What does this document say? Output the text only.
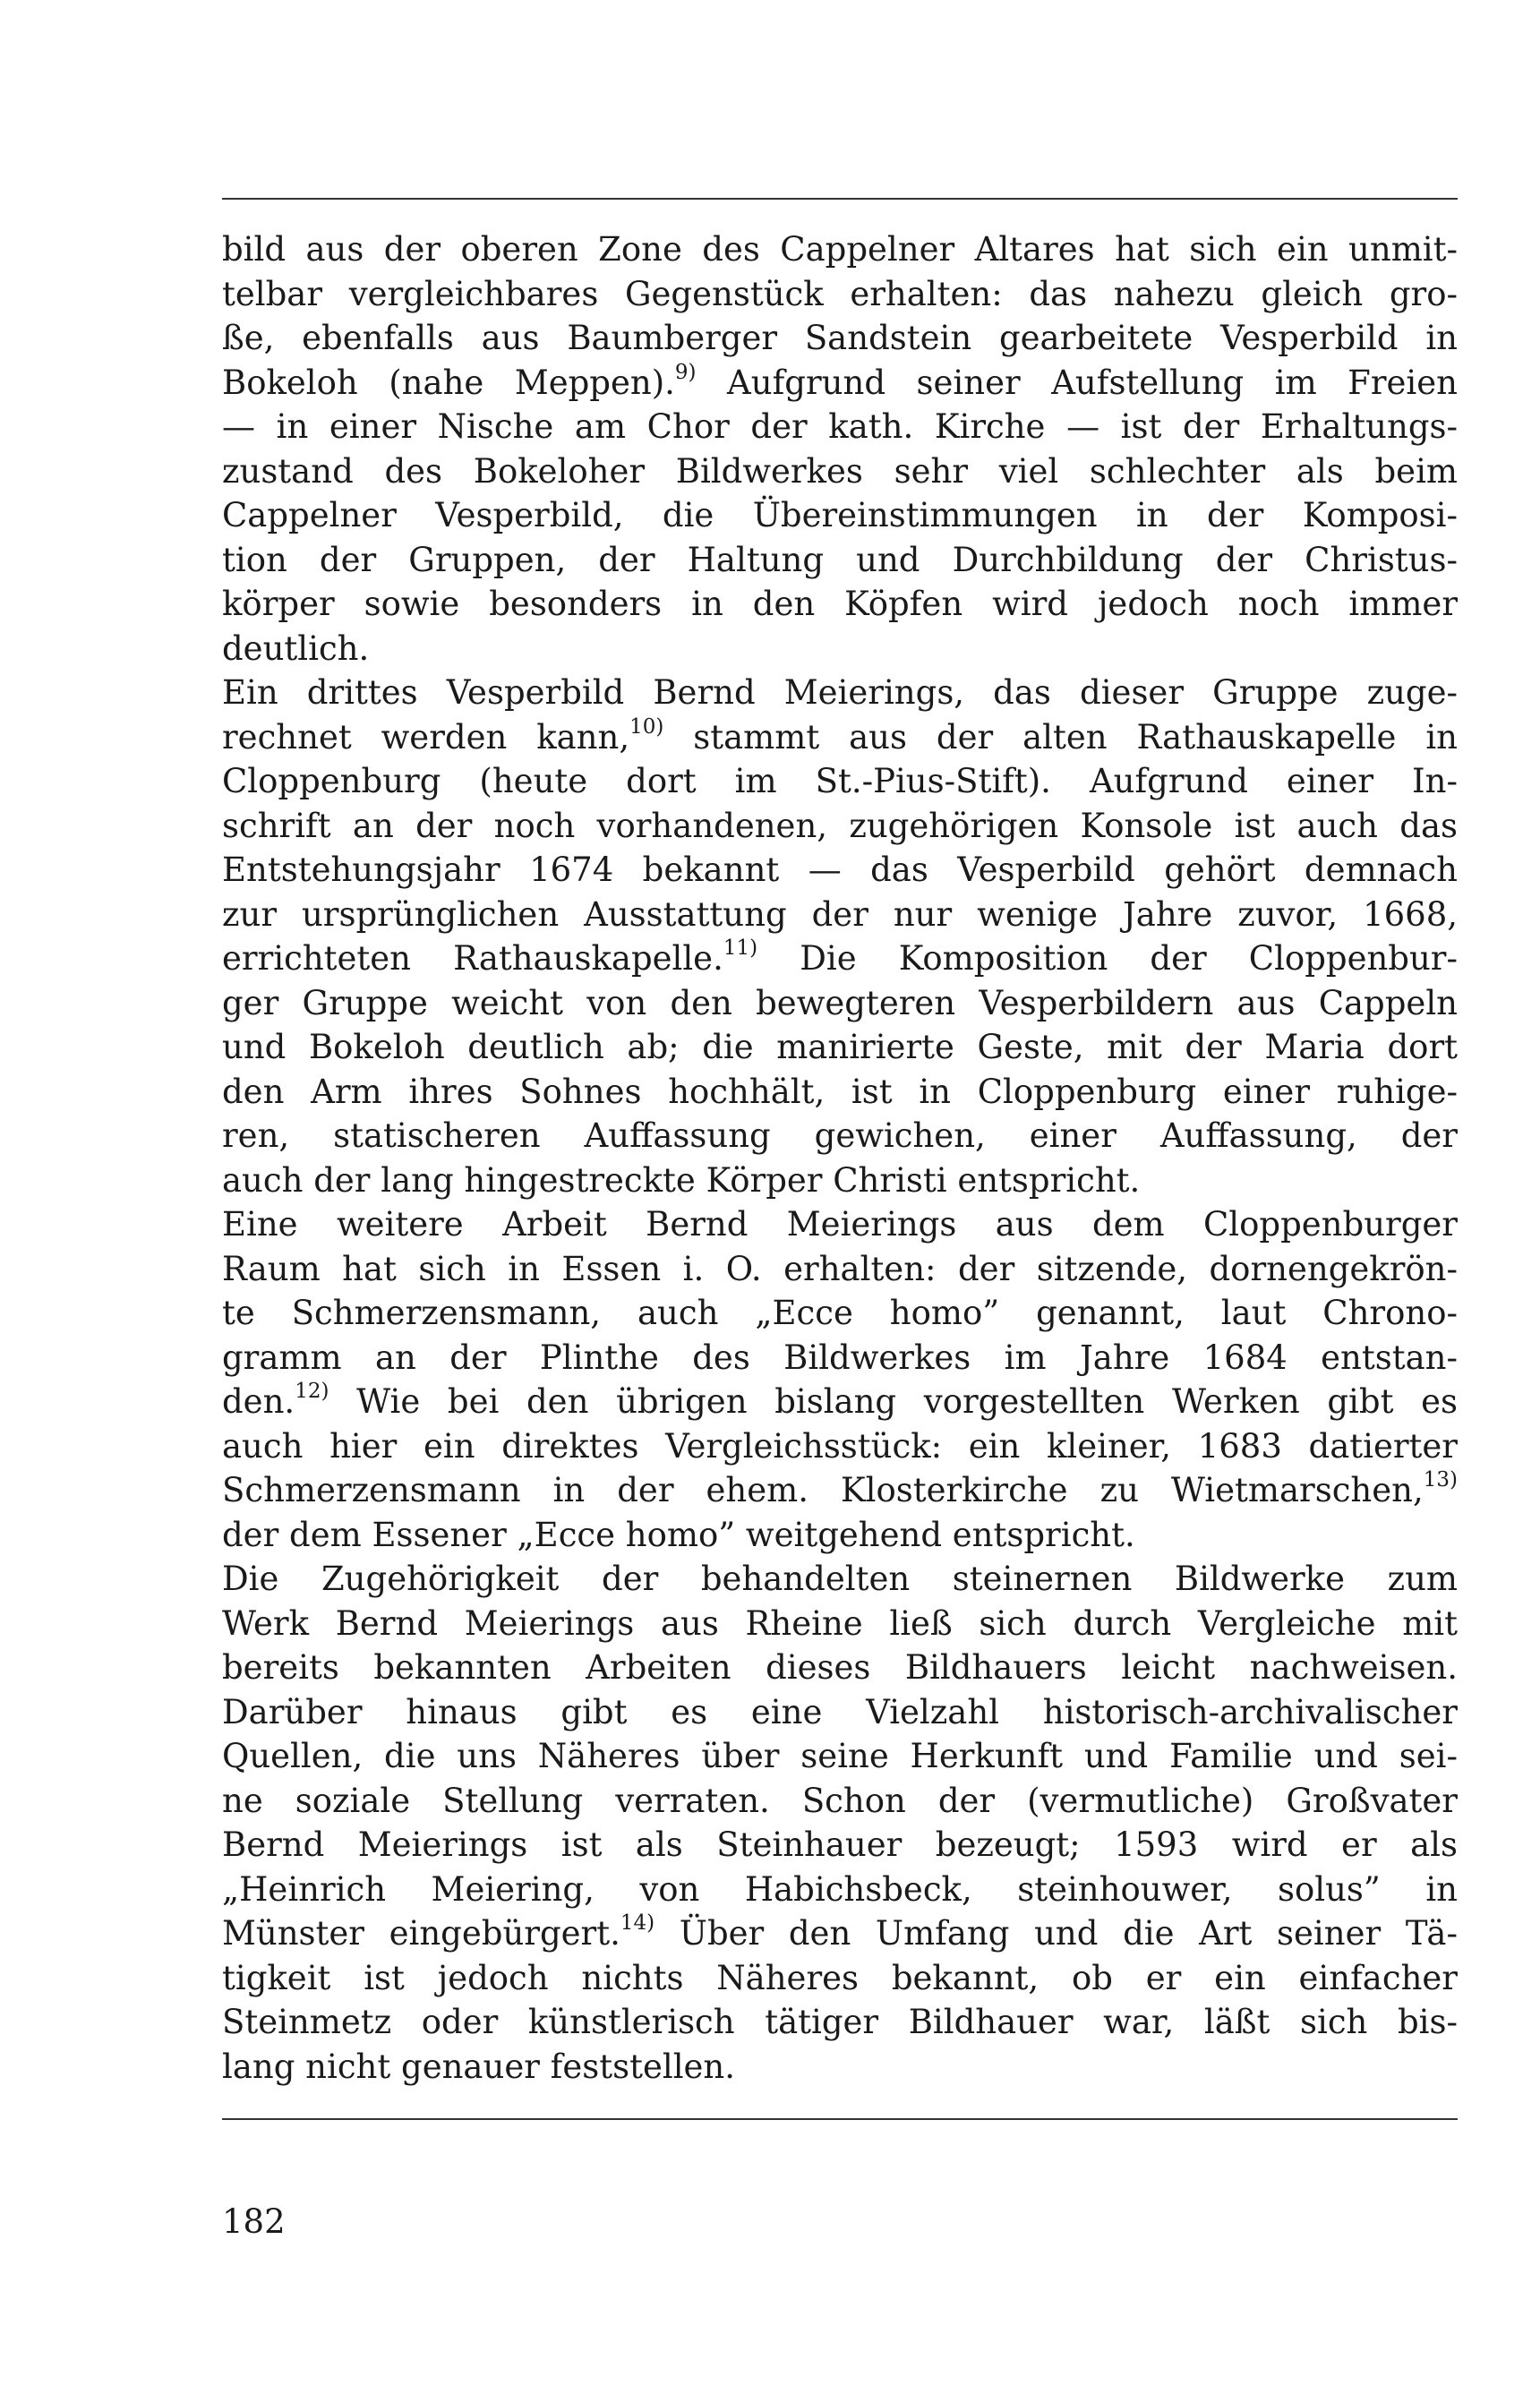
bild aus der oberen Zone des Cappelner Altares hat sich ein unmit-
telbar vergleichbares Gegenstück erhalten: das nahezu gleich gro-
ße, ebenfalls aus Baumberger Sandstein gearbeitete Vesperbild in
Bokeloh (nahe Meppen).$^{9)}$ Aufgrund seiner Aufstellung im Freien
— in einer Nische am Chor der kath. Kirche — ist der Erhaltungs-
zustand des Bokeloher Bildwerkes sehr viel schlechter als beim
Cappelner Vesperbild, die Übereinstimmungen in der Komposi-
tion der Gruppen, der Haltung und Durchbildung der Christus-
körper sowie besonders in den Köpfen wird jedoch noch immer
deutlich.
Ein drittes Vesperbild Bernd Meierings, das dieser Gruppe zuge-
rechnet werden kann,$^{10)}$ stammt aus der alten Rathauskapelle in
Cloppenburg (heute dort im St.-Pius-Stift). Aufgrund einer In-
schrift an der noch vorhandenen, zugehörigen Konsole ist auch das
Entstehungsjahr 1674 bekannt — das Vesperbild gehört demnach
zur ursprünglichen Ausstattung der nur wenige Jahre zuvor, 1668,
errichteten Rathauskapelle.$^{11)}$ Die Komposition der Cloppenbur-
ger Gruppe weicht von den bewegteren Vesperbildern aus Cappeln
und Bokeloh deutlich ab; die manirierte Geste, mit der Maria dort
den Arm ihres Sohnes hochhält, ist in Cloppenburg einer ruhige-
ren, statischeren Auffassung gewichen, einer Auffassung, der
auch der lang hingestreckte Körper Christi entspricht.
Eine weitere Arbeit Bernd Meierings aus dem Cloppenburger
Raum hat sich in Essen i. O. erhalten: der sitzende, dornengekrön-
te Schmerzensmann, auch „Ecce homo” genannt, laut Chrono-
gramm an der Plinthe des Bildwerkes im Jahre 1684 entstan-
den.$^{12)}$ Wie bei den übrigen bislang vorgestellten Werken gibt es
auch hier ein direktes Vergleichsstück: ein kleiner, 1683 datierter
Schmerzensmann in der ehem. Klosterkirche zu Wietmarschen,$^{13)}$
der dem Essener „Ecce homo” weitgehend entspricht.
Die Zugehörigkeit der behandelten steinernen Bildwerke zum
Werk Bernd Meierings aus Rheine ließ sich durch Vergleiche mit
bereits bekannten Arbeiten dieses Bildhauers leicht nachweisen.
Darüber hinaus gibt es eine Vielzahl historisch-archivalischer
Quellen, die uns Näheres über seine Herkunft und Familie und sei-
ne soziale Stellung verraten. Schon der (vermutliche) Großvater
Bernd Meierings ist als Steinhauer bezeugt; 1593 wird er als
„Heinrich Meiering, von Habichsbeck, steinhouwer, solus” in
Münster eingebürgert.$^{14)}$ Über den Umfang und die Art seiner Tä-
tigkeit ist jedoch nichts Näheres bekannt, ob er ein einfacher
Steinmetz oder künstlerisch tätiger Bildhauer war, läßt sich bis-
lang nicht genauer feststellen.
182
